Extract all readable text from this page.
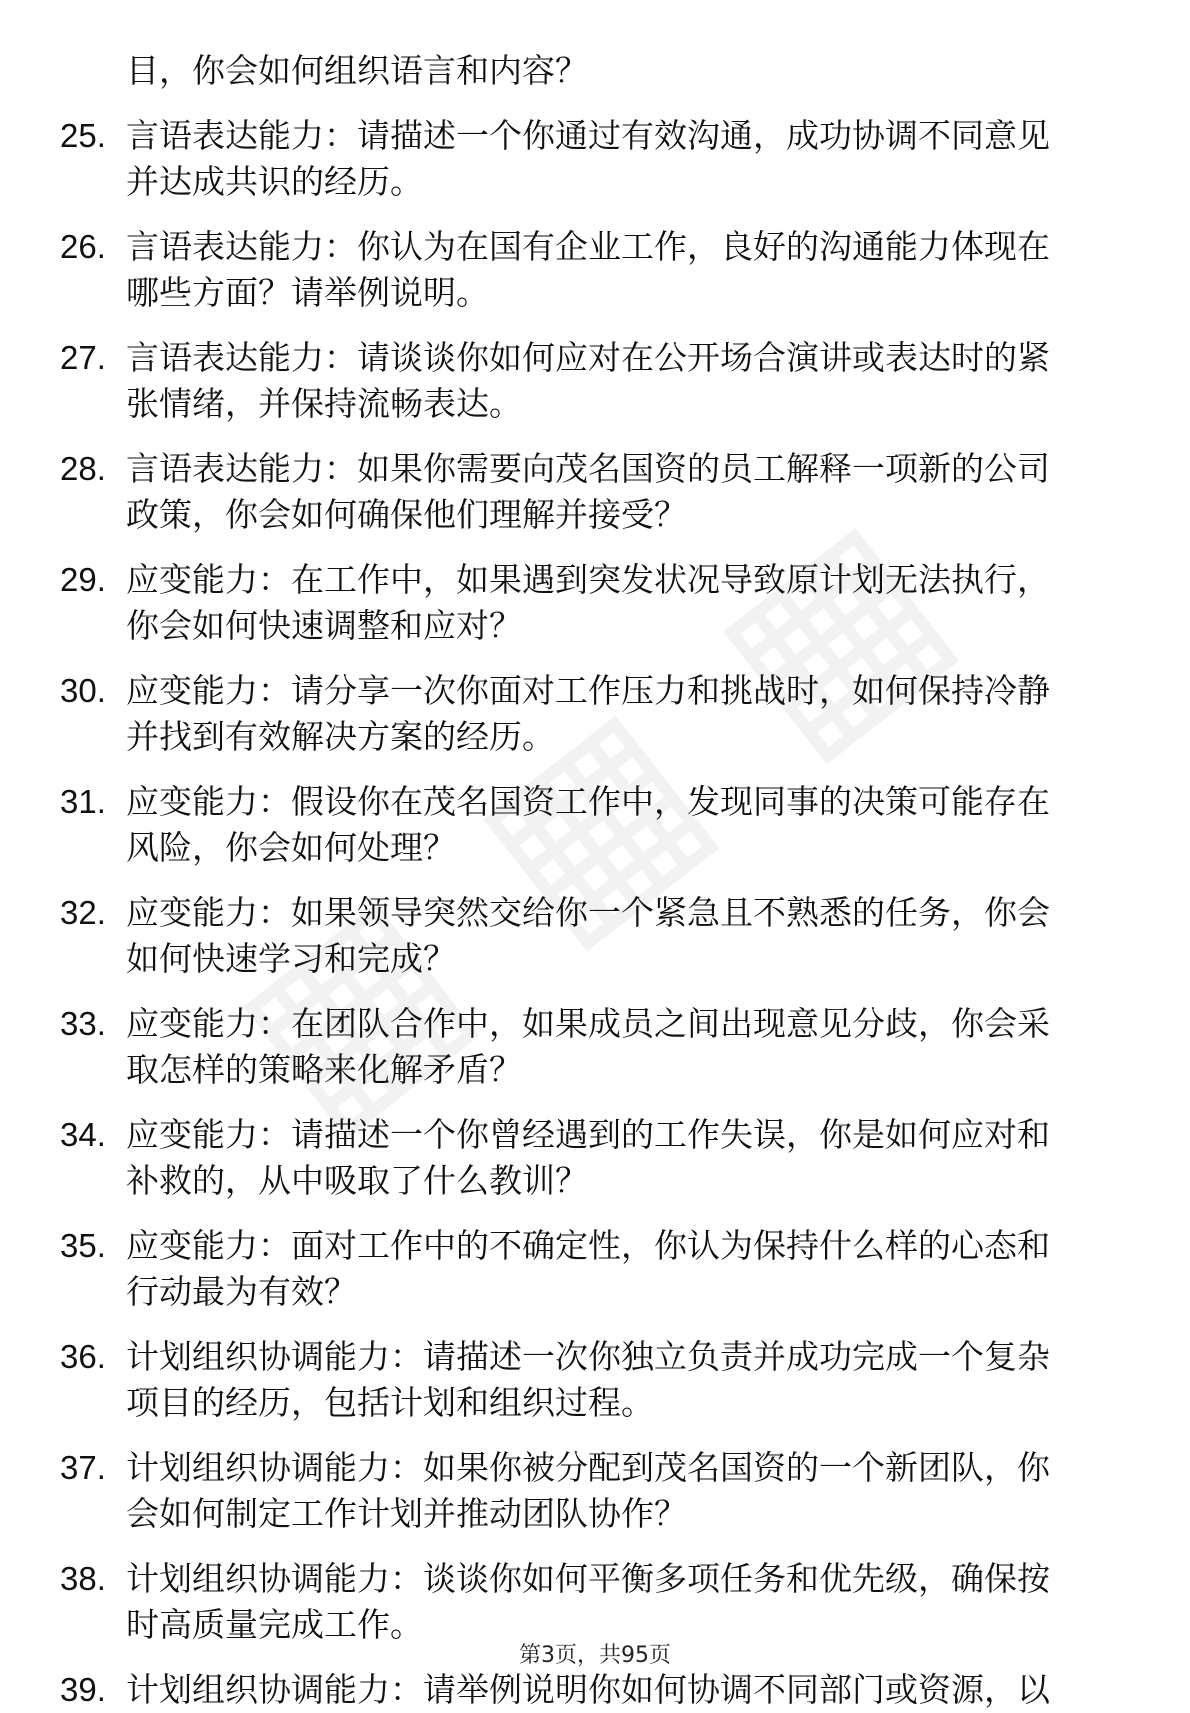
目，你会如何组织语言和内容？
25. 言语表达能力：请描述一个你通过有效沟通，成功协调不同意见
并达成共识的经历。
26. 言语表达能力：你认为在国有企业工作，良好的沟通能力体现在
哪些方面？请举例说明。
27. 言语表达能力：请谈谈你如何应对在公开场合演讲或表达时的紧
张情绪，并保持流畅表达。
28. 言语表达能力：如果你需要向茂名国资的员工解释一项新的公司
政策，你会如何确保他们理解并接受？
29. 应变能力：在工作中，如果遇到突发状况导致原计划无法执行，
你会如何快速调整和应对？
30. 应变能力：请分享一次你面对工作压力和挑战时，如何保持冷静
并找到有效解决方案的经历。
31. 应变能力：假设你在茂名国资工作中，发现同事的决策可能存在
风险，你会如何处理？
32. 应变能力：如果领导突然交给你一个紧急且不熟悉的任务，你会
如何快速学习和完成？
33. 应变能力：在团队合作中，如果成员之间出现意见分歧，你会采
取怎样的策略来化解矛盾？
34. 应变能力：请描述一个你曾经遇到的工作失误，你是如何应对和
补救的，从中吸取了什么教训？
35. 应变能力：面对工作中的不确定性，你认为保持什么样的心态和
行动最为有效？
36. 计划组织协调能力：请描述一次你独立负责并成功完成一个复杂
项目的经历，包括计划和组织过程。
37. 计划组织协调能力：如果你被分配到茂名国资的一个新团队，你
会如何制定工作计划并推动团队协作？
38. 计划组织协调能力：谈谈你如何平衡多项任务和优先级，确保按
时高质量完成工作。
39. 计划组织协调能力：请举例说明你如何协调不同部门或资源，以
第3页，共95页
